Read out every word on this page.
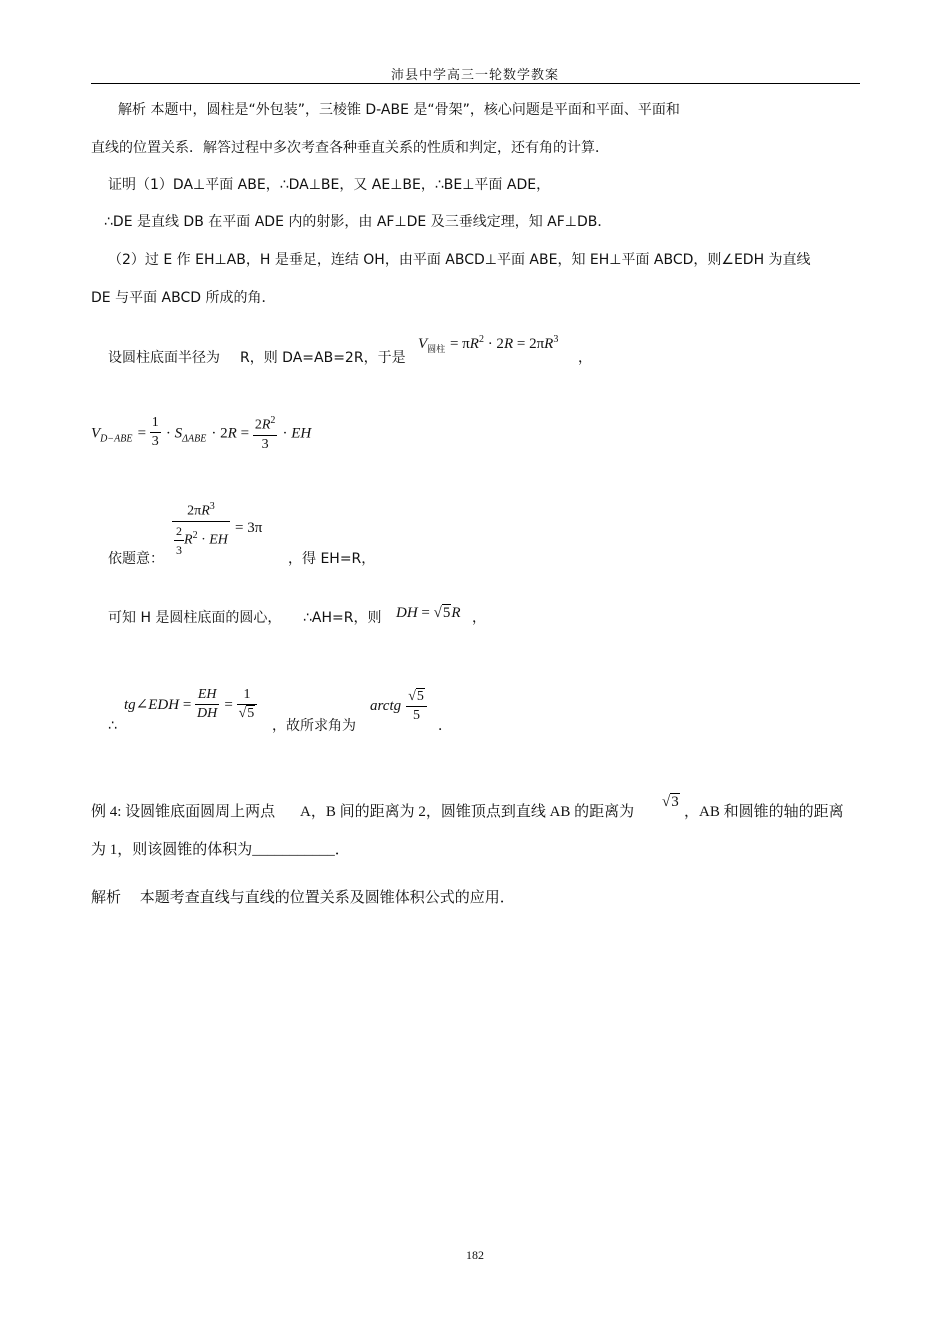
沛县中学高三一轮数学教案
解析 本题中，圆柱是“外包装”，三棱锥 D-ABE 是“骨架”，核心问题是平面和平面、平面和
直线的位置关系．解答过程中多次考查各种垂直关系的性质和判定，还有角的计算．
证明（1）DA⊥平面 ABE，∴DA⊥BE，又 AE⊥BE，∴BE⊥平面 ADE，
∴DE 是直线 DB 在平面 ADE 内的射影，由 AF⊥DE 及三垂线定理，知 AF⊥DB．
（2）过 E 作 EH⊥AB，H 是垂足，连结 OH，由平面 ABCD⊥平面 ABE，知 EH⊥平面 ABCD，则∠EDH 为直线
DE 与平面 ABCD 所成的角．
设圆柱底面半径为 R，则 DA=AB=2R，于是
$V_{圆柱} = \pi R^2 \cdot 2R = 2\pi R^3$
，
$V_{D-ABE} = \frac{1}{3} \cdot S_{\Delta ABE} \cdot 2R = \frac{2R^2}{3}$ · EH
$\frac{2\pi R^3}{\frac{2}{3} R^2 \cdot EH} = 3\pi$
依题意：	，得 EH=R，
可知 H 是圆柱底面的圆心， ∴AH=R，则 DH = √5R ，
∴
tg∠EDH = $\frac{EH}{DH} = \frac{1}{√5}$
，故所求角为
arctg $\frac{√5}{5}$
．
例 4: 设圆锥底面圆周上两点 A，B 间的距离为 2，圆锥顶点到直线 AB 的距离为
√3
，AB 和圆锥的轴的距离
为 1，则该圆锥的体积为___________．
解析　 本题考查直线与直线的位置关系及圆锥体积公式的应用．
182
